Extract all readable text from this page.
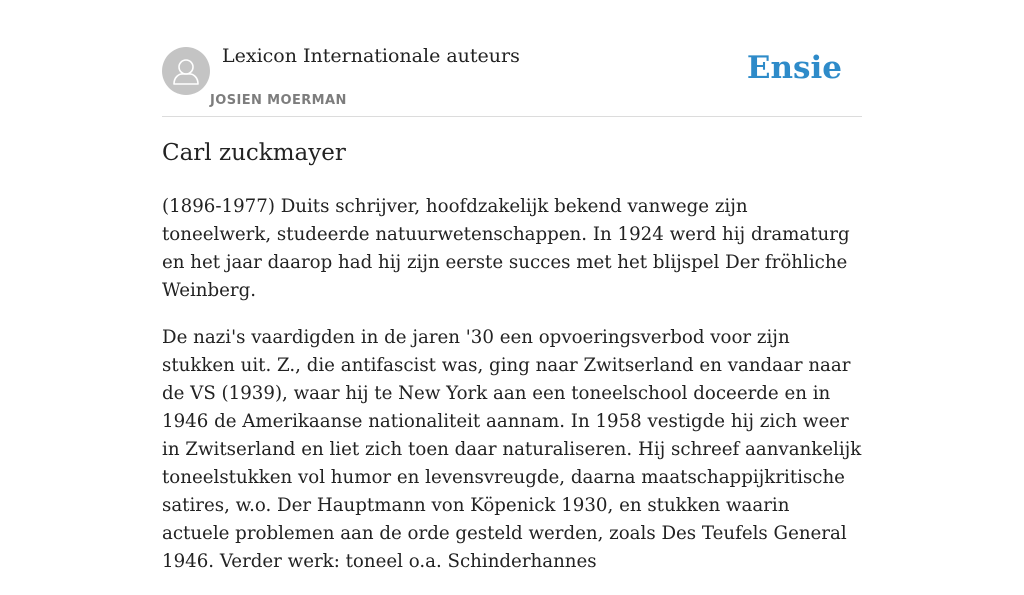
Lexicon Internationale auteurs
JOSIEN MOERMAN
Ensie
Carl zuckmayer

(1896-1977) Duits schrijver, hoofdzakelijk bekend vanwege zijn toneelwerk, studeerde natuurwetenschappen. In 1924 werd hij dramaturg en het jaar daarop had hij zijn eerste succes met het blijspel Der fröhliche Weinberg.

De nazi's vaardigden in de jaren '30 een opvoeringsverbod voor zijn stukken uit. Z., die antifascist was, ging naar Zwitserland en vandaar naar de VS (1939), waar hij te New York aan een toneelschool doceerde en in 1946 de Amerikaanse nationaliteit aannam. In 1958 vestigde hij zich weer in Zwitserland en liet zich toen daar naturaliseren. Hij schreef aanvankelijk toneelstukken vol humor en levensvreugde, daarna maatschappijkritische satires, w.o. Der Hauptmann von Köpenick 1930, en stukken waarin actuele problemen aan de orde gesteld werden, zoals Des Teufels General 1946. Verder werk: toneel o.a. Schinderhannes
